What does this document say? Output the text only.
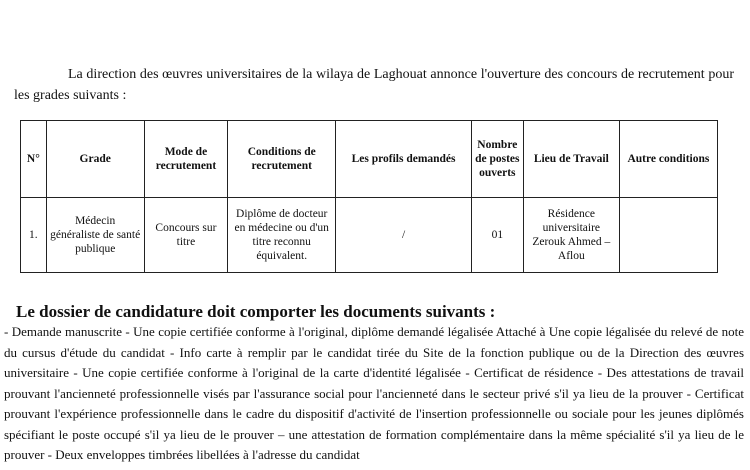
La direction des œuvres universitaires de la wilaya de Laghouat annonce l'ouverture des concours de recrutement pour les grades suivants :

N°	Grade	Mode de recrutement	Conditions de recrutement	Les profils demandés	Nombre de postes ouverts	Lieu de Travail	Autre conditions
1.	Médecin généraliste de santé publique	Concours sur titre	Diplôme de docteur en médecine ou d'un titre reconnu équivalent.	/	01	Résidence universitaire Zerouk Ahmed – Aflou	
Le dossier de candidature doit comporter les documents suivants :
- Demande manuscrite - Une copie certifiée conforme à l'original, diplôme demandé légalisée Attaché à Une copie légalisée du relevé de note du cursus d'étude du candidat - Info carte à remplir par le candidat tirée du Site de la fonction publique ou de la Direction des œuvres universitaire - Une copie certifiée conforme à l'original de la carte d'identité légalisée - Certificat de résidence - Des attestations de travail prouvant l'ancienneté professionnelle visés par l'assurance social pour l'ancienneté dans le secteur privé s'il ya lieu de la prouver - Certificat prouvant l'expérience professionnelle dans le cadre du dispositif d'activité de l'insertion professionnelle ou sociale pour les jeunes diplômés spécifiant le poste occupé s'il ya lieu de le prouver – une attestation de formation complémentaire dans la même spécialité s'il ya lieu de le prouver - Deux enveloppes timbrées libellées à l'adresse du candidat
